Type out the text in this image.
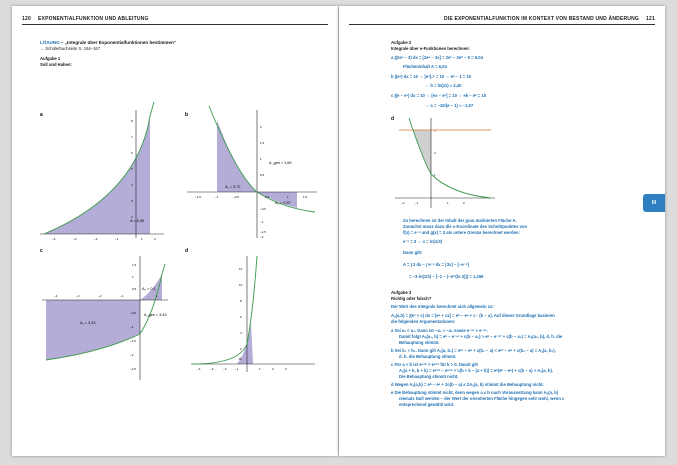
120 EXPONENTIALFUNKTION UND ABLEITUNG
LÖSUNG – „Integrale über Exponentialfunktionen bestimmen“
→ Schülerbuchseite S. 164–167
Aufgabe 1
Soll und Haben:
a
A = 6,39
−4	−3	−2	−1	1	2
2
3
4
5
6
7
8
b
A_ges = 1,69
A₁ = 0,72
A₂ = 0,97
−1,5	−1	−0,5	0,5	1	1,5
2
1,5
1
0,5
−0,5
−1
−1,5
−2
c
A₂ = 0,1
A_ges = 3,43
A₁ = 3,33
−4	−3	−2	−1	1
1,5
1
0,5
−0,5
−1
−1,5
−2
−2,5
d
A
−4	−3	−2	−1	1	2	3
12
10
8
6
4
2
DIE EXPONENTIALFUNKTION IM KONTEXT VON BESTAND UND ÄNDERUNG 121
Aufgabe 2
Integrale über e-Funktionen berechnen:
a ∫(2eˣ − 3) dx = [2eˣ − 3x] = 2e² − 2e⁰ − 9 = 6,04
Flächeninhalt A = 6,04
b ∫(eˣ) dx = 10 ⇔ [eˣ]₀ᵇ = 10 ⇔ eᵇ − 1 = 10
⇔ b = ln(11) ≈ 2,40
c ∫(e − eˣ) dx = 10 ⇔ [ex − eˣ] = 10 ⇔ ek − eᵏ = 10
⇔ a = −10/(e − 1) ≈ −1,57
d
−2	−1	1	2
3
2
1
Zu berechnen ist der Inhalt der grau markierten Fläche A.
Zunächst muss dazu die x-Koordinate des Schnittpunktes von
f(x) = e⁻ˣ und g(x) = 3 als untere Grenze berechnet werden:
e⁻ˣ = 3 ⇔ x = ln(1/3)
Dann gilt:
A = ∫ 3 dx − ∫ e⁻ˣ dx = [3x] − [−e⁻ˣ]
= −3·ln(1/3) − [−1 − (−e^(ln 3))] = 1,296
Aufgabe 3
Richtig oder falsch?
Der Wert des Integrals berechnet sich allgemein zu:
Aₐ(a,b) = ∫(eˣ + c) dx = [eˣ + cx] = eᵇ − eᵃ + c · (b − a). Auf dieser Grundlage basieren
die folgenden Argumentationen:
a Sei a₁ < a₂. Dann ist −a₁ > −a₂ sowie e⁻ᵃ¹ > e⁻ᵃ².
Damit folgt Aₐ(a₁, b) = eᵇ − e⁻ᵃ¹ + c(b − a₁) > eᵇ − e⁻ᵃ² + c(b − a₂) = Aₐ(a₂, b), d. h. die
Behauptung stimmt.
b Sei b₁ < b₂. Dann gilt Aₐ(a, b₁) = eᵇ¹ − eᵃ + c(b₁ − a) < eᵇ² − eᵃ + c(b₂ − a) = Aₐ(a, b₂),
d. h. die Behauptung stimmt.
c Für a < b ist eᵃ⁺ᵏ > eᵃ⁺ᵏ für k > 0. Damit gilt
Aₐ(a + k, b + k) = eᵇ⁺ᵏ − eᵃ⁺ᵏ + c(b + k − (a + k)) = eᵏ(eᵇ − eᵃ) + c(b − a) > Aₐ(a, b).
Die Behauptung stimmt nicht.
d Wegen Aₐ(a,b) = eᵇ − eᵃ + 2c(b − a) ≠ 2Aₐ(a, b) stimmt die Behauptung nicht.
e Die Behauptung stimmt nicht, denn wegen a ≠ b nach Voraussetzung kann Aₐ(a, b)
niemals Null werden – der Wert der orientierten Fläche hingegen sehr wohl, wenn c
entsprechend gewählt wird.
III
